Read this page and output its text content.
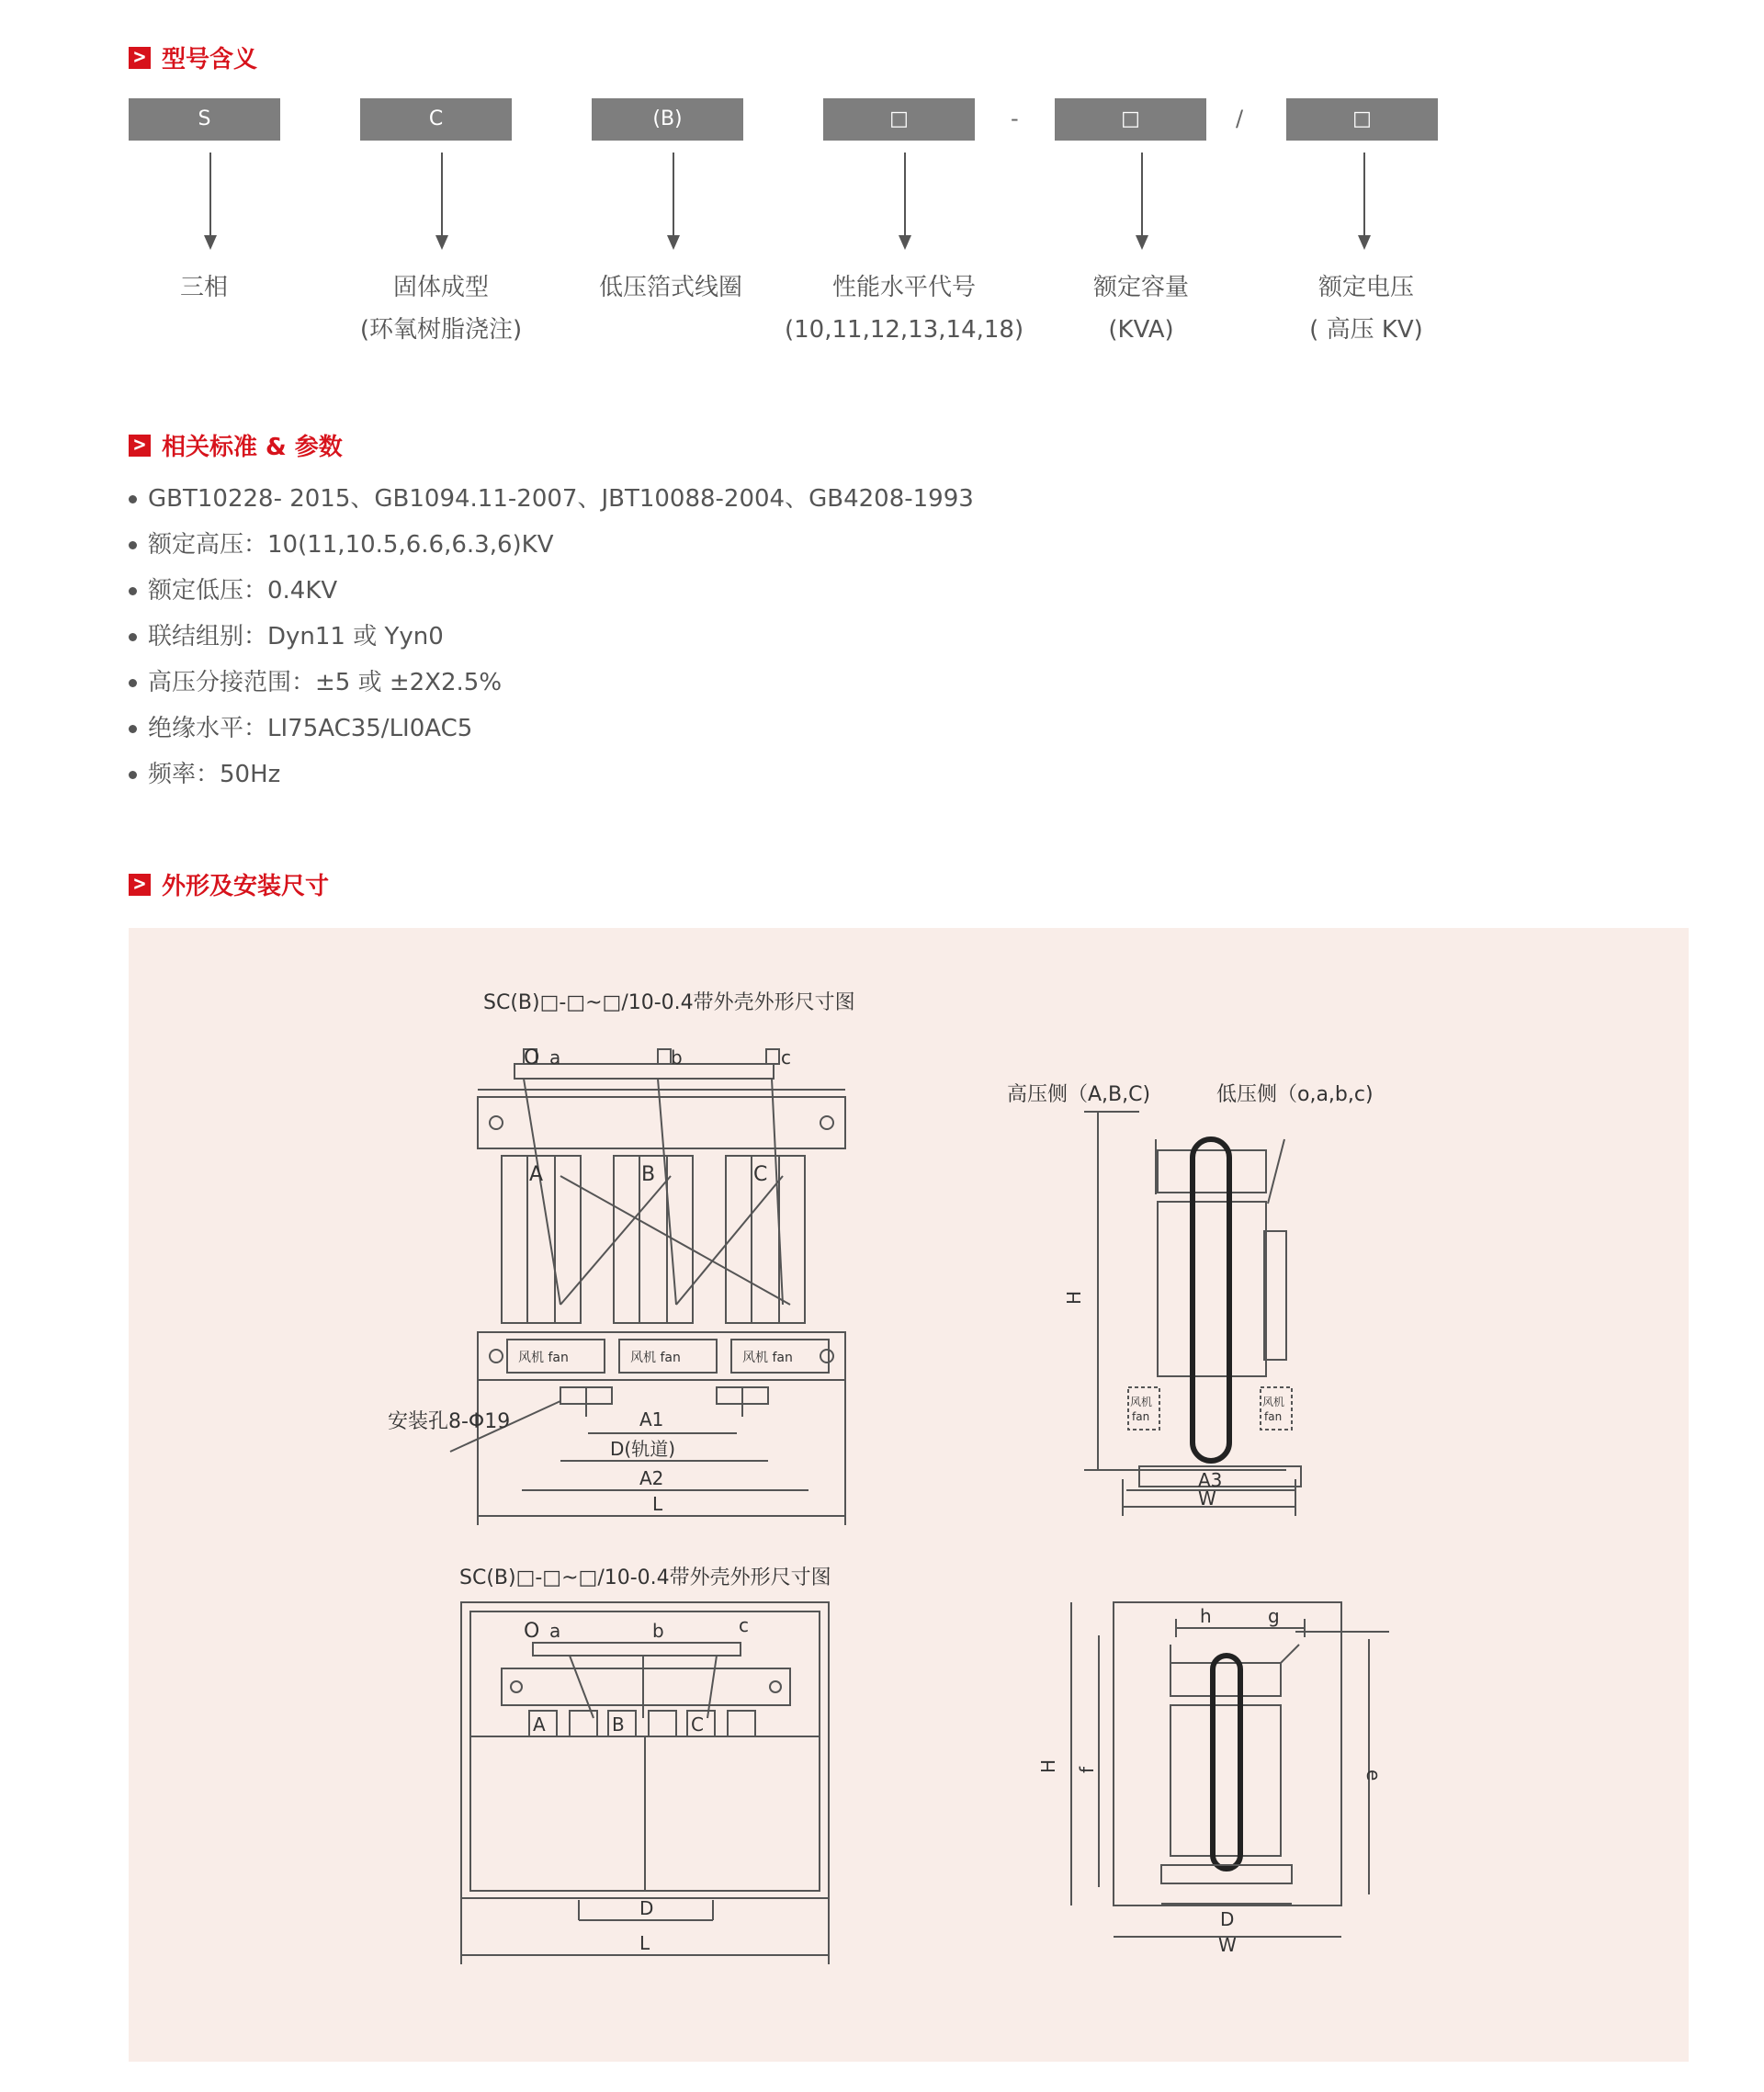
> 型号含义
S	C	(B)	□	-	□	/	□
三相	固体成型
(环氧树脂浇注)
低压箔式线圈	性能水平代号
(10,11,12,13,14,18)
额定容量
(KVA)
额定电压
( 高压 KV)
> 相关标准 & 参数
GBT10228- 2015、GB1094.11-2007、JBT10088-2004、GB4208-1993
额定高压：10(11,10.5,6.6,6.3,6)KV
额定低压：0.4KV
联结组别：Dyn11 或 Yyn0
高压分接范围：±5 或 ±2X2.5%
绝缘水平：LI75AC35/LI0AC5
频率：50Hz
> 外形及安装尺寸
SC(B)□-□~□/10-0.4带外壳外形尺寸图
O a	b	c
A	B	C
风机 fan	风机 fan	风机 fan
安装孔8-Φ19	A1
D(轨道)
A2
L
高压侧（A,B,C)	低压侧（o,a,b,c)
风机
fan
风机
fan
H
A3
W
SC(B)□-□~□/10-0.4带外壳外形尺寸图
O a	b	c
A	B	C
D
L
h	g
H f	e
D
W
